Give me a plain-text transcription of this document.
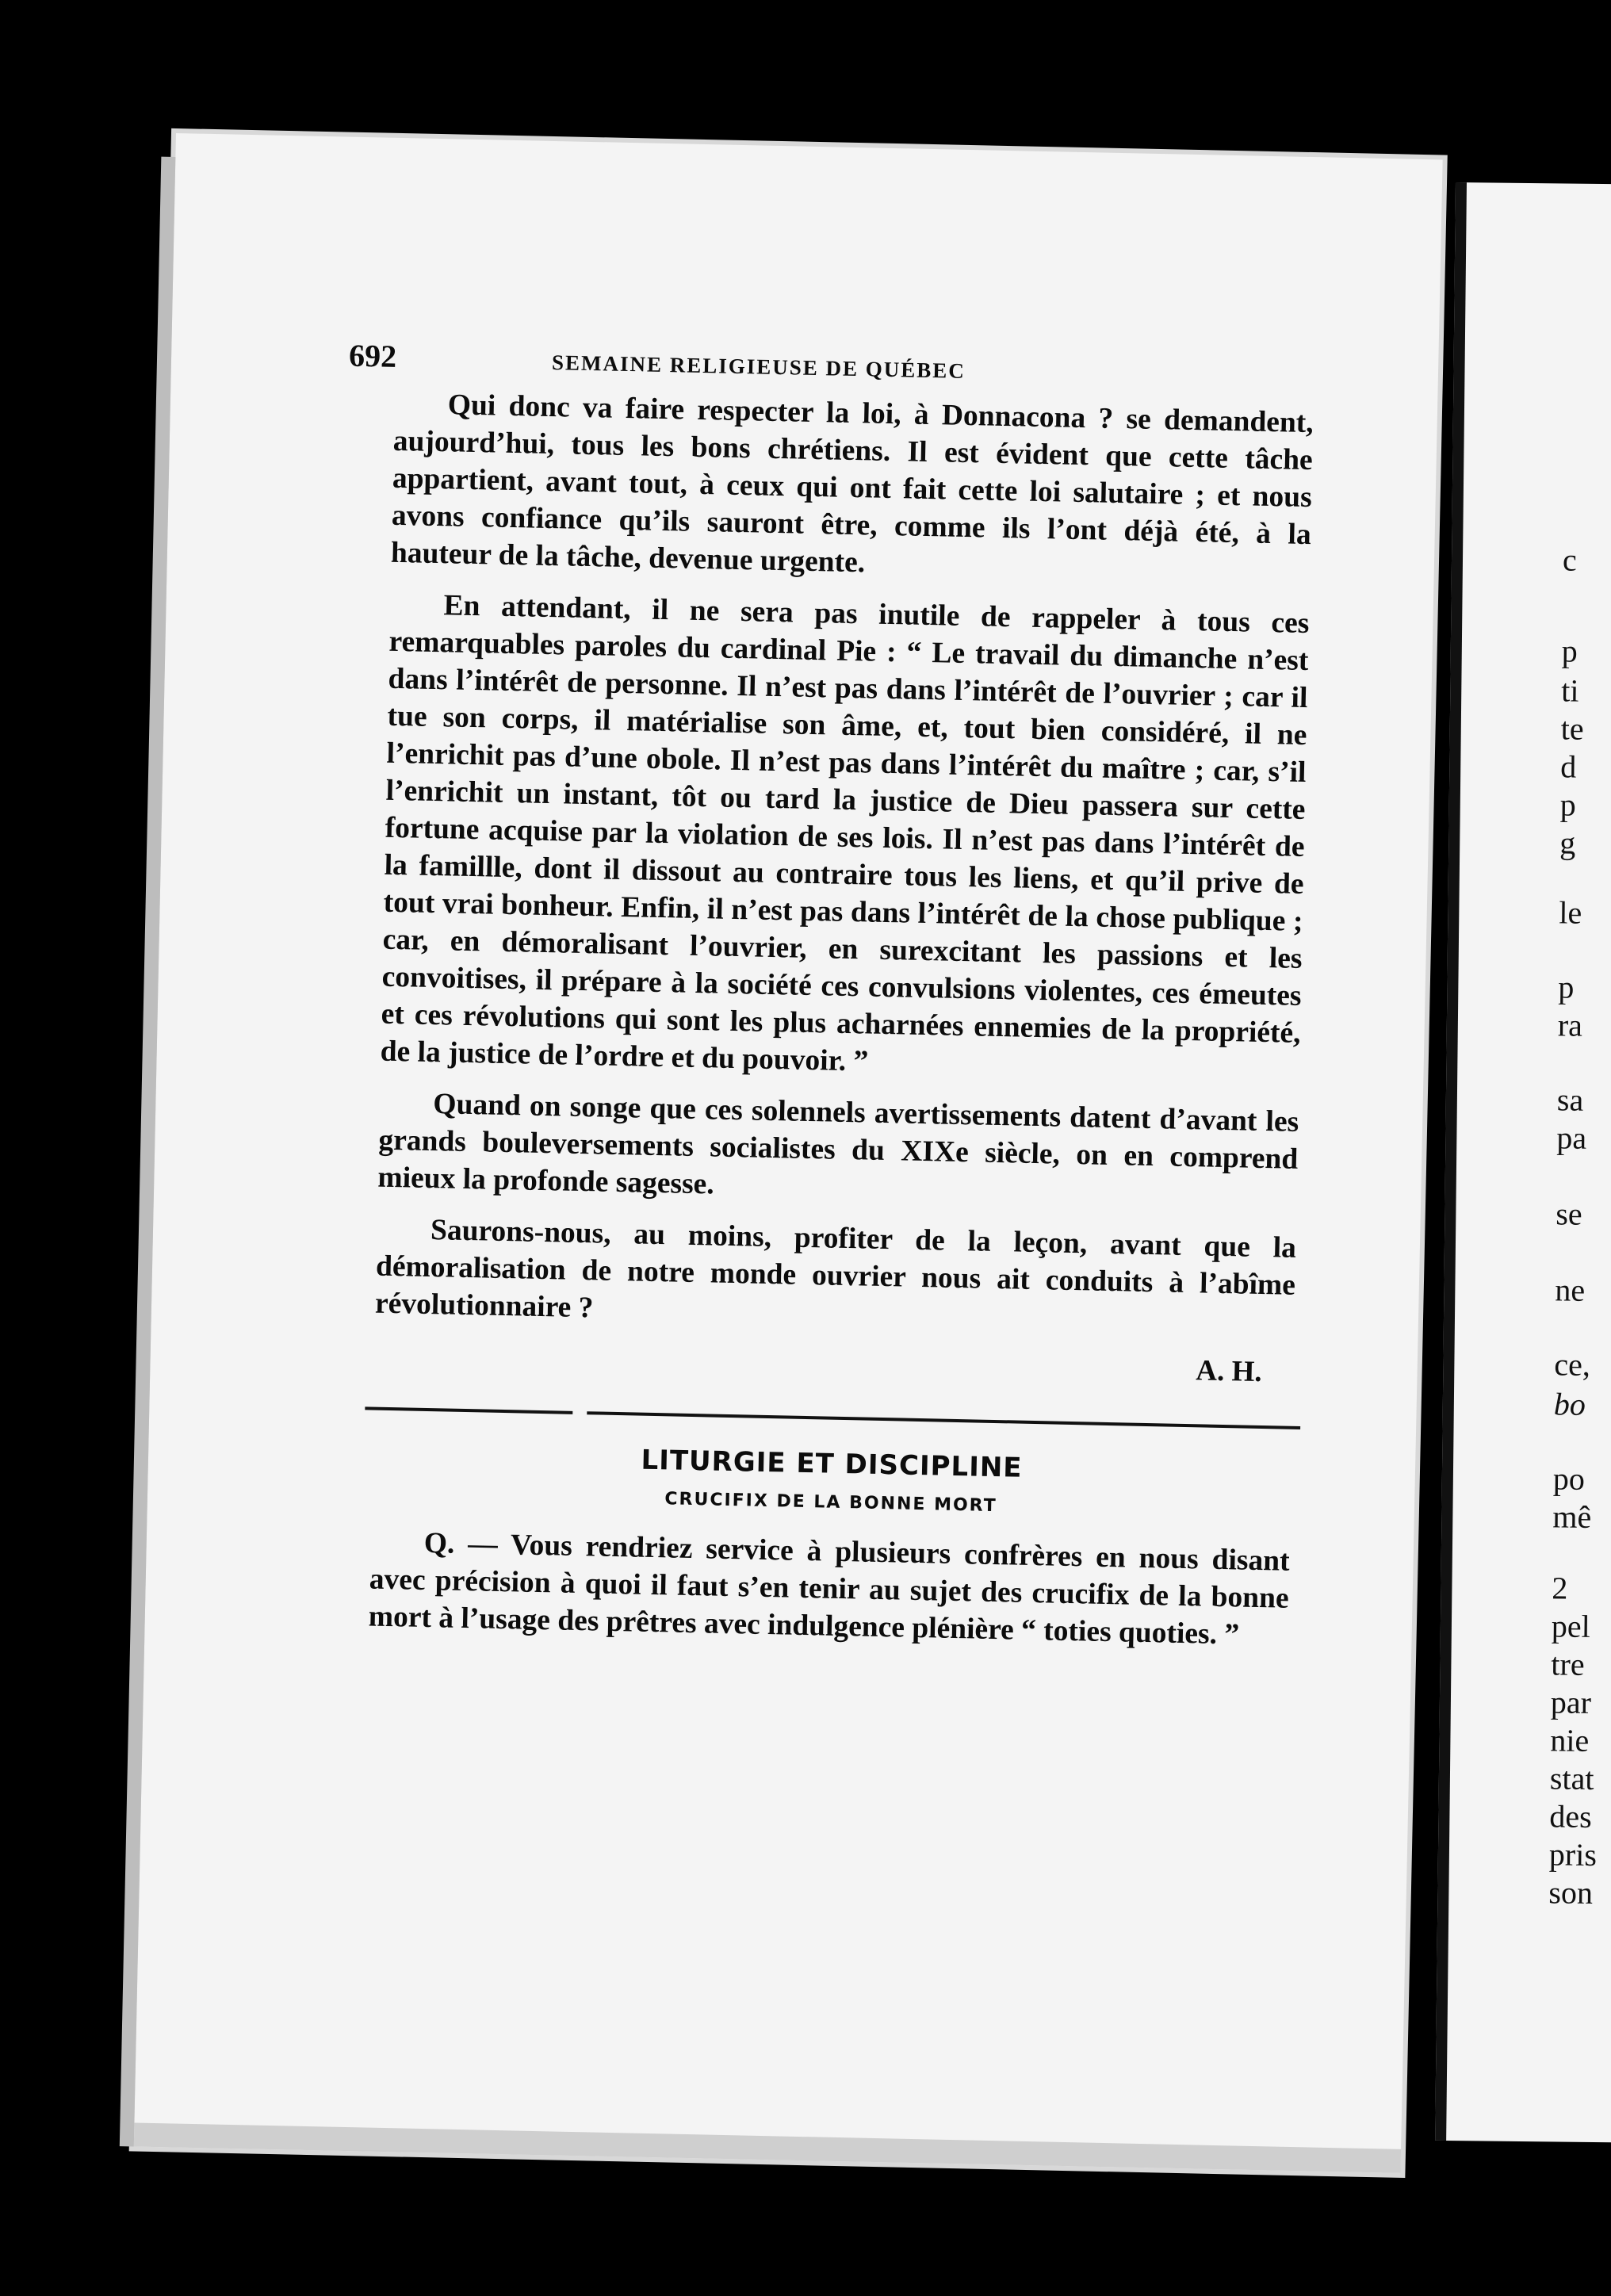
692	SEMAINE RELIGIEUSE DE QUÉBEC

Qui donc va faire respecter la loi, à Donnacona ? se demandent, aujourd’hui, tous les bons chrétiens. Il est évident que cette tâche appartient, avant tout, à ceux qui ont fait cette loi salutaire ; et nous avons confiance qu’ils sauront être, comme ils l’ont déjà été, à la hauteur de la tâche, devenue urgente.

En attendant, il ne sera pas inutile de rappeler à tous ces remarquables paroles du cardinal Pie : “ Le travail du dimanche n’est dans l’intérêt de personne. Il n’est pas dans l’intérêt de l’ouvrier ; car il tue son corps, il matérialise son âme, et, tout bien considéré, il ne l’enrichit pas d’une obole. Il n’est pas dans l’intérêt du maître ; car, s’il l’enrichit un instant, tôt ou tard la justice de Dieu passera sur cette fortune acquise par la violation de ses lois. Il n’est pas dans l’intérêt de la famillle, dont il dissout au contraire tous les liens, et qu’il prive de tout vrai bonheur. Enfin, il n’est pas dans l’intérêt de la chose publique ; car, en démoralisant l’ouvrier, en surexcitant les passions et les convoitises, il prépare à la société ces convulsions violentes, ces émeutes et ces révolutions qui sont les plus acharnées ennemies de la propriété, de la justice de l’ordre et du pouvoir. ”

Quand on songe que ces solennels avertissements datent d’avant les grands bouleversements socialistes du XIXe siècle, on en comprend mieux la profonde sagesse.

Saurons-nous, au moins, profiter de la leçon, avant que la démoralisation de notre monde ouvrier nous ait conduits à l’abîme révolutionnaire ?

A. H.
LITURGIE ET DISCIPLINE
CRUCIFIX DE LA BONNE MORT

Q. — Vous rendriez service à plusieurs confrères en nous disant avec précision à quoi il faut s’en tenir au sujet des crucifix de la bonne mort à l’usage des prêtres avec indulgence plénière “ toties quoties. ”

c
p
ti
te
d
p
g
le
p
ra
sa
pa
se
ne
ce,
bo
po
mê
2
pel
tre
par
nie
stat
des
pris
son
